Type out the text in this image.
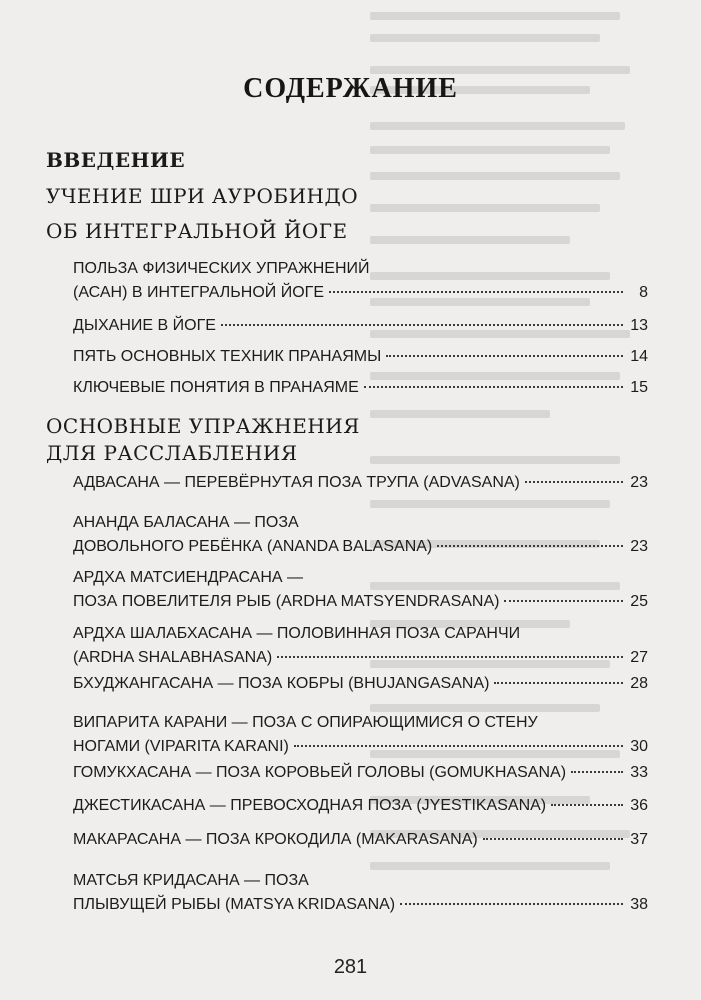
СОДЕРЖАНИЕ
ВВЕДЕНИЕ
УЧЕНИЕ ШРИ АУРОБИНДО
ОБ ИНТЕГРАЛЬНОЙ ЙОГЕ
ПОЛЬЗА ФИЗИЧЕСКИХ УПРАЖНЕНИЙ
(АСАН) В ИНТЕГРАЛЬНОЙ ЙОГЕ	8
ДЫХАНИЕ В ЙОГЕ	13
ПЯТЬ ОСНОВНЫХ ТЕХНИК ПРАНАЯМЫ	14
КЛЮЧЕВЫЕ ПОНЯТИЯ В ПРАНАЯМЕ	15
ОСНОВНЫЕ УПРАЖНЕНИЯ
ДЛЯ РАССЛАБЛЕНИЯ
АДВАСАНА — ПЕРЕВЁРНУТАЯ ПОЗА ТРУПА (ADVASANA)	23
АНАНДА БАЛАСАНА — ПОЗА
ДОВОЛЬНОГО РЕБЁНКА (ANANDA BALASANA)	23
АРДХА МАТСИЕНДРАСАНА —
ПОЗА ПОВЕЛИТЕЛЯ РЫБ (ARDHA MATSYENDRASANA)	25
АРДХА ШАЛАБХАСАНА — ПОЛОВИННАЯ ПОЗА САРАНЧИ
(ARDHA SHALABHASANA)	27
БХУДЖАНГАСАНА — ПОЗА КОБРЫ (BHUJANGASANA)	28
ВИПАРИТА КАРАНИ — ПОЗА С ОПИРАЮЩИМИСЯ О СТЕНУ
НОГАМИ (VIPARITA KARANI)	30
ГОМУКХАСАНА — ПОЗА КОРОВЬЕЙ ГОЛОВЫ (GOMUKHASANA)	33
ДЖЕСТИКАСАНА — ПРЕВОСХОДНАЯ ПОЗА (JYESTIKASANA)	36
МАКАРАСАНА — ПОЗА КРОКОДИЛА (MAKARASANA)	37
МАТСЬЯ КРИДАСАНА — ПОЗА
ПЛЫВУЩЕЙ РЫБЫ (MATSYA KRIDASANA)	38
281
